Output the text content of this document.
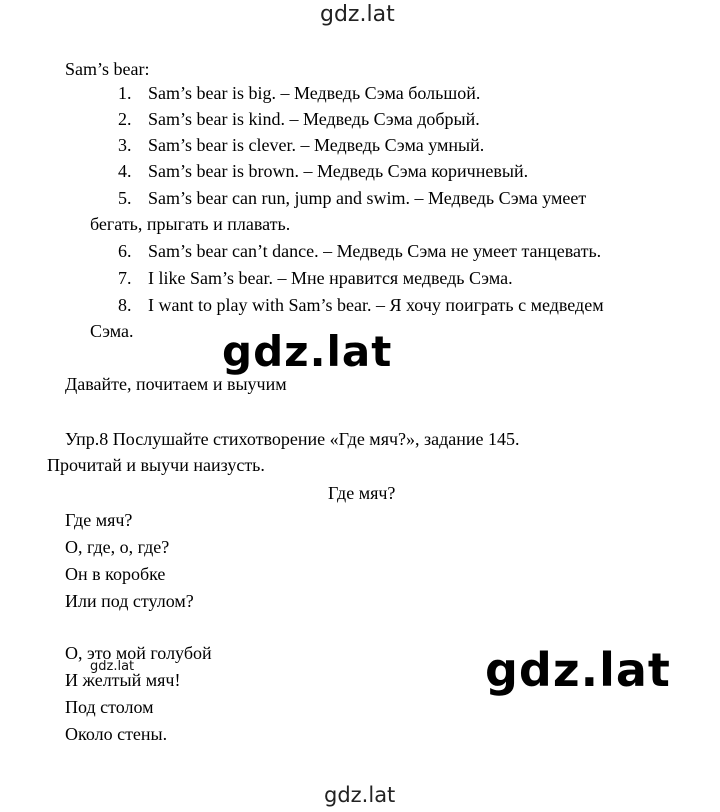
gdz.lat
gdz.lat
Sam’s bear:
1. Sam’s bear is big. – Медведь Сэма большой.
2. Sam’s bear is kind. – Медведь Сэма добрый.
3. Sam’s bear is clever. – Медведь Сэма умный.
4. Sam’s bear is brown. – Медведь Сэма коричневый.
5. Sam’s bear can run, jump and swim. – Медведь Сэма умеет
бегать, прыгать и плавать.
6. Sam’s bear can’t dance. – Медведь Сэма не умеет танцевать.
7. I like Sam’s bear. – Мне нравится медведь Сэма.
8. I want to play with Sam’s bear. – Я хочу поиграть с медведем
Сэма.
Давайте, почитаем и выучим
Упр.8 Послушайте стихотворение «Где мяч?», задание 145.
Прочитай и выучи наизусть.
Где мяч?
Где мяч?
О, где, о, где?
Он в коробке
Или под стулом?
О, это мой голубой
И желтый мяч!
Под столом
Около стены.
gdz.lat	gdz.lat
gdz.lat
